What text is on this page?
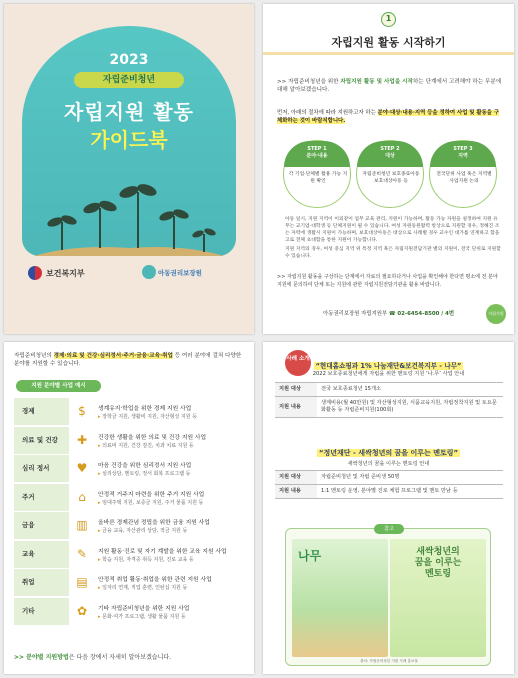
2023
자립준비청년
자립지원 활동
가이드북
보건복지부	아동권리보장원
1
자립지원 활동 시작하기
>> 자립준비청년을 위한 자립지원 활동 및 사업을 시작하는 단계에서 고려해야 하는 무분에 대해 알아보겠습니다.
먼저, 아래의 절차에 따라 지원하고자 하는 분야·대상·내용·지역 등을 정하여 사업 및 활동을 구체화하는 것이 바람직합니다.
STEP 1
분야·내용
각 기업·단체별 활용 가능 지원 확인
STEP 2
대상
자립준비청년 보호종료아동 보호대상아동 등
STEP 3
지역
전국단위 사업 혹은 지역별 사업지원 논의
아동 일시, 지원 지역이 이외같이 업무 교육 관리, 지원이 가능하며, 활동 가능 자원을 설정하여 지원 유무는 교기업·대학생 등 단체지원이 될 수 있습니다. 여성 자원동원활력 항상으로 지원할 경우, 정해진 조는 자력에 생활시 지원이 가능하며, 보호대상아동은 대상으로 사례별 경우 교수인 대가를 연계하고 함을 고로 전체 초대합을 통한 지원이 가능합니다.
지원 지역의 경우, 여성 중심 지역 위 특정 지역 혹은 자립지원전담기관 별의 지원이, 전국 단위로 지원할 수 있습니다.
>> 자립지원 활동을 구상하는 단계에서 자료의 필요하다거나 사업을 확인해야 한다면 평소에 전 분야 지원에 문의하여 단체 또는 지원에 관한 자립지원전담기관을 활용 바랍니다.
아동권리보장원 자립지원부 ☎ 02-6454-8500 / 4번	자립지원
자립준비청년의 경제·의료 및 건강·심리정서·주거·금융·교육·취업 등 여러 분야에 걸쳐 다양한 분야를 지원할 수 있습니다.
지원 분야별 사업 예시
경제	$	생계유지·학업을 위한 경제 지원 사업
▸ 장학금 지원, 생활비 지원, 자산형성 지원 등
의료 및 건강	✚	건강한 생활을 위한 의료 및 건강 지원 사업
▸ 의료비 지원, 건강 검진, 치과 치료 지원 등
심리 정서	♥	마음 건강을 위한 심리정서 지원 사업
▸ 심리상담, 멘토링, 정서 회복 프로그램 등
주거	⌂	안정적 거주지 마련을 위한 주거 지원 사업
▸ 임대주택 지원, 보증금 지원, 주거 물품 지원 등
금융	▥	올바른 경제관념 정립을 위한 금융 지원 사업
▸ 금융 교육, 자산관리 상담, 적금 지원 등
교육	✎	지원 활동·진로 및 자기 계발을 위한 교육 지원 사업
▸ 학습 지원, 자격증 취득 지원, 진로 교육 등
취업	▤	안정적 취업 활동·취업을 위한 관련 지원 사업
▸ 일자리 연계, 직업 훈련, 인턴십 지원 등
기타	✿	기타 자립준비청년을 위한 지원 사업
▸ 문화·여가 프로그램, 생활 물품 지원 등
>> 분야별 지원방법은 다음 장에서 자세히 알아보겠습니다.
사례 소개
“현대홈쇼핑과 1% 나눔재단&보건복지부 - 나무”
2022 보호종료청년에게 자립을 위한 멘토링 지원 ‘나.무’ 사업 안내
지원 대상	전국 보호종료청년 15개소
지원 내용	생계비용(월 40만원) 및 자산형성지원, 식품교육지원, 자립정착지원 및 토요문화활동 등 자립준비지원(100회)
“정년재단 - 새싹청년의 꿈을 이루는 멘토링”
새싹청년의 꿈을 이루는 멘토링 안내
지원 대상	자립준비청년 및 자립 준비생 50명
지원 내용	1:1 멘토링 운영, 분야별 진로 체험 프로그램 및 멘토 만남 등
참고
나무	새싹청년의 꿈을 이루는 멘토링
출처: 자립준비청년 지원 사례 홍보물
